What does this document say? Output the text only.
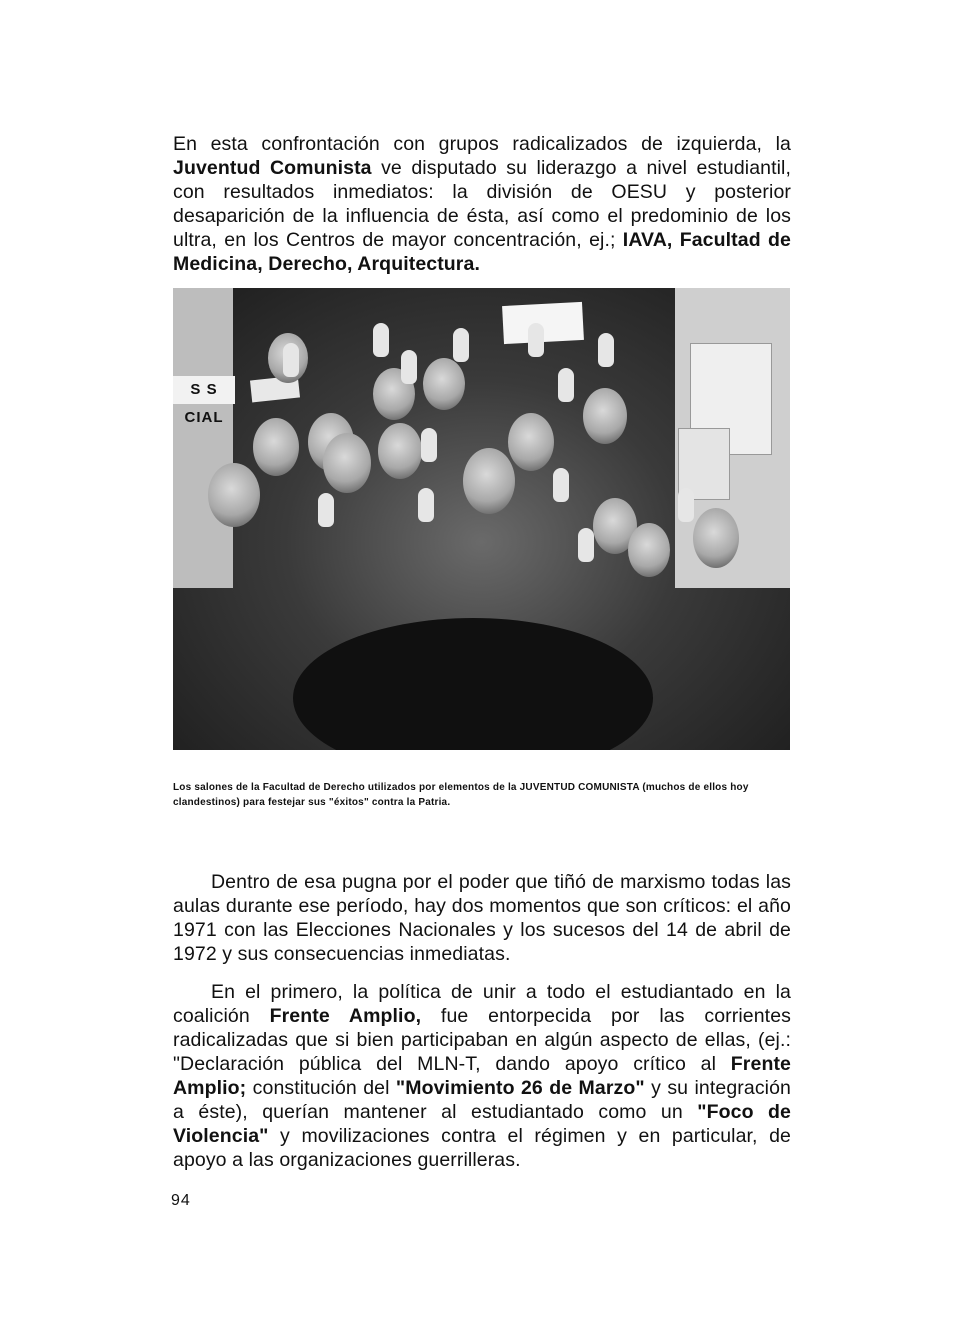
En esta confrontación con grupos radicalizados de izquierda, la Juventud Comunista ve disputado su liderazgo a nivel estudiantil, con resultados inmediatos: la división de OESU y posterior desaparición de la influencia de ésta, así como el predominio de los ultra, en los Centros de mayor concentración, ej.; IAVA, Facultad de Medicina, Derecho, Arquitectura.
S S CIAL
Los salones de la Facultad de Derecho utilizados por elementos de la JUVENTUD COMUNISTA (muchos de ellos hoy clandestinos) para festejar sus "éxitos" contra la Patria.
Dentro de esa pugna por el poder que tiñó de marxismo todas las aulas durante ese período, hay dos momentos que son críticos: el año 1971 con las Elecciones Nacionales y los sucesos del 14 de abril de 1972 y sus consecuencias inmediatas.
En el primero, la política de unir a todo el estudiantado en la coalición Frente Amplio, fue entorpecida por las corrientes radicalizadas que si bien participaban en algún aspecto de ellas, (ej.: "Declaración pública del MLN-T, dando apoyo crítico al Frente Amplio; constitución del "Movimiento 26 de Marzo" y su integración a éste), querían mantener al estudiantado como un "Foco de Violencia" y movilizaciones contra el régimen y en particular, de apoyo a las organizaciones guerrilleras.
94
